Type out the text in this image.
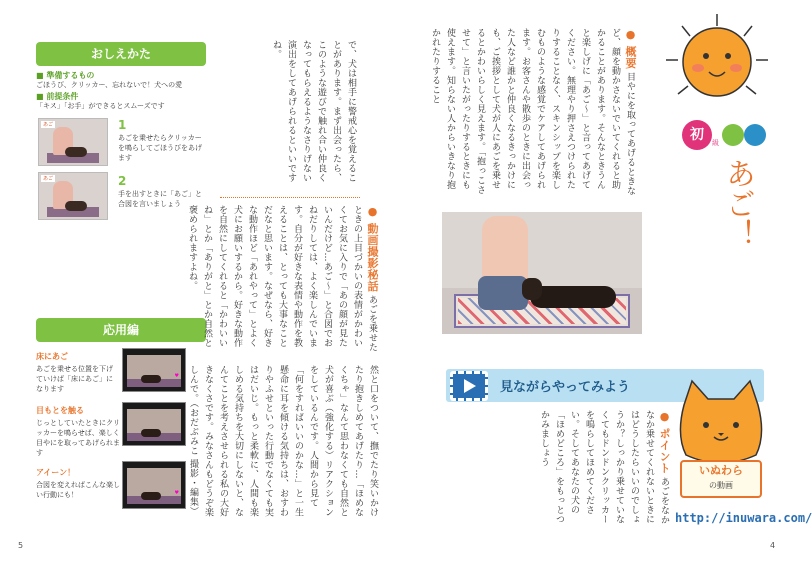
おしえかた
■ 準備するもの
ごほうび、クリッカー、忘れないで！犬への愛
■ 前提条件
「キス」「お手」ができるとスムーズです
あご	1
あごを乗せたらクリッカーを鳴らしてごほうびをあげます
あご	2
手を出すときに「あご」と合図を言いましょう
応用編
床にあご
あごを乗せる位置を下げていけば「床にあご」になります
♥
目もとを触る
じっとしていたときにクリッカーを鳴らせば、楽しく目やにを取ってあげられます
アイーン！
合図を変えればこんな楽しい行動にも！	♥
で、犬は相手に警戒心を覚えることがあります。まず出会ったら、このような遊びで触れ合い仲良くなってもらえるようなさりげない演出をしてあげられるといいですね。
● 動画撮影秘話 あごを乗せたときの上目づかいの表情がかわいくてお気に入りで「あの顔が見たいんだけど…あご～」と合図でおねだりしては、よく楽しんでいます。自分が好きな表情や動作を教えることは、とっても大事なことだなと思います。なぜなら、好きな動作ほど「あれやって」とよく犬にお願いするから。好きな動作を自然にしてくれると「かわいいね」とか「ありがと」とか自然と褒められますよね。
然と口をついて、撫でたり笑いかけたり抱きしめてあげたり…「ほめなくちゃ」なんて思わなくても自然と犬が喜ぶ（強化する）リアクションをしているんです。人間から見て「何をすればいいのかな…」と一生懸命に耳を傾ける気持ちは、おすわりやふせといった行動でなくても実はだいじ。もっと柔軟に、人間も楽しめる気持ちを大切にしないと、なんてことを考えさせられる私の大好きなくさです。みなさんもどうぞ楽しんで。（おだぶみこ 撮影・編集）
5
● 概要 目やにを取ってあげるときなど、顔を動かさないでいてくれると助かることがあります。そんなときうんと楽しげに「あご～」と言ってあげてください。無理やり押さえつけられたりすることなく、スキンシップを楽しむものような感覚でケアしてあげられます。お客さんや散歩のときに出会った人など誰かと仲良くなるきっかけにも、ご挨拶として犬が人にあごを乗せるとかわいらしく見えます。「抱っこさせて」と言いたがったりするときにも使えます。知らない人からいきなり抱かれたりすること
初	級
あご！
見ながらやってみよう
● ポイント あごをなかなか乗せてくれないときにはどうしたらいいのでしょうか？しっかり乗せていなくてもドンドンクリッカーを鳴らしてほめてください。そしてあなたの犬の「ほめどころ」をもっとつかみましょう
いぬわら
の動画
http://inuwara.com/
4
